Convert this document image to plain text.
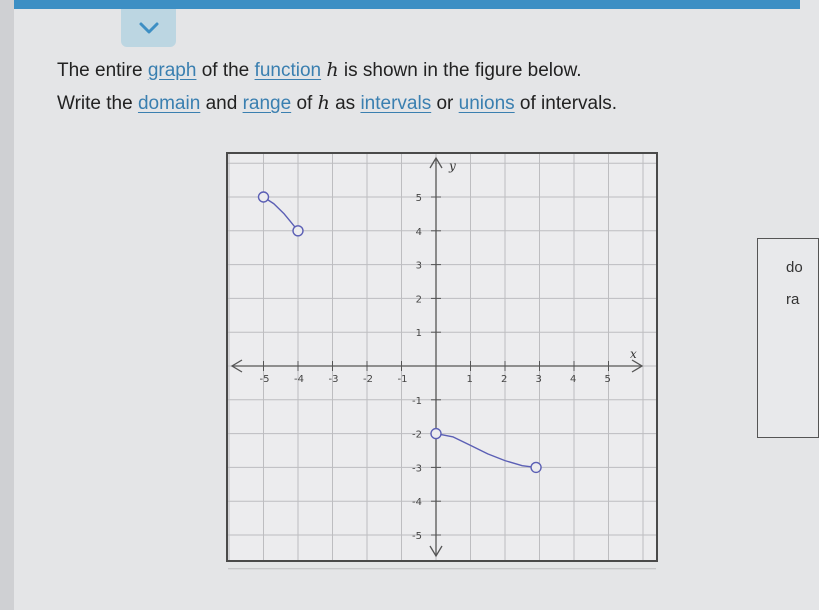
The entire graph of the function h is shown in the figure below.
Write the domain and range of h as intervals or unions of intervals.
-5 -4 -3 -2 -1	1	2	3	4	5
-5
-4
-3
-2
-1
1
2
3
4
5
x
y
do
ra
